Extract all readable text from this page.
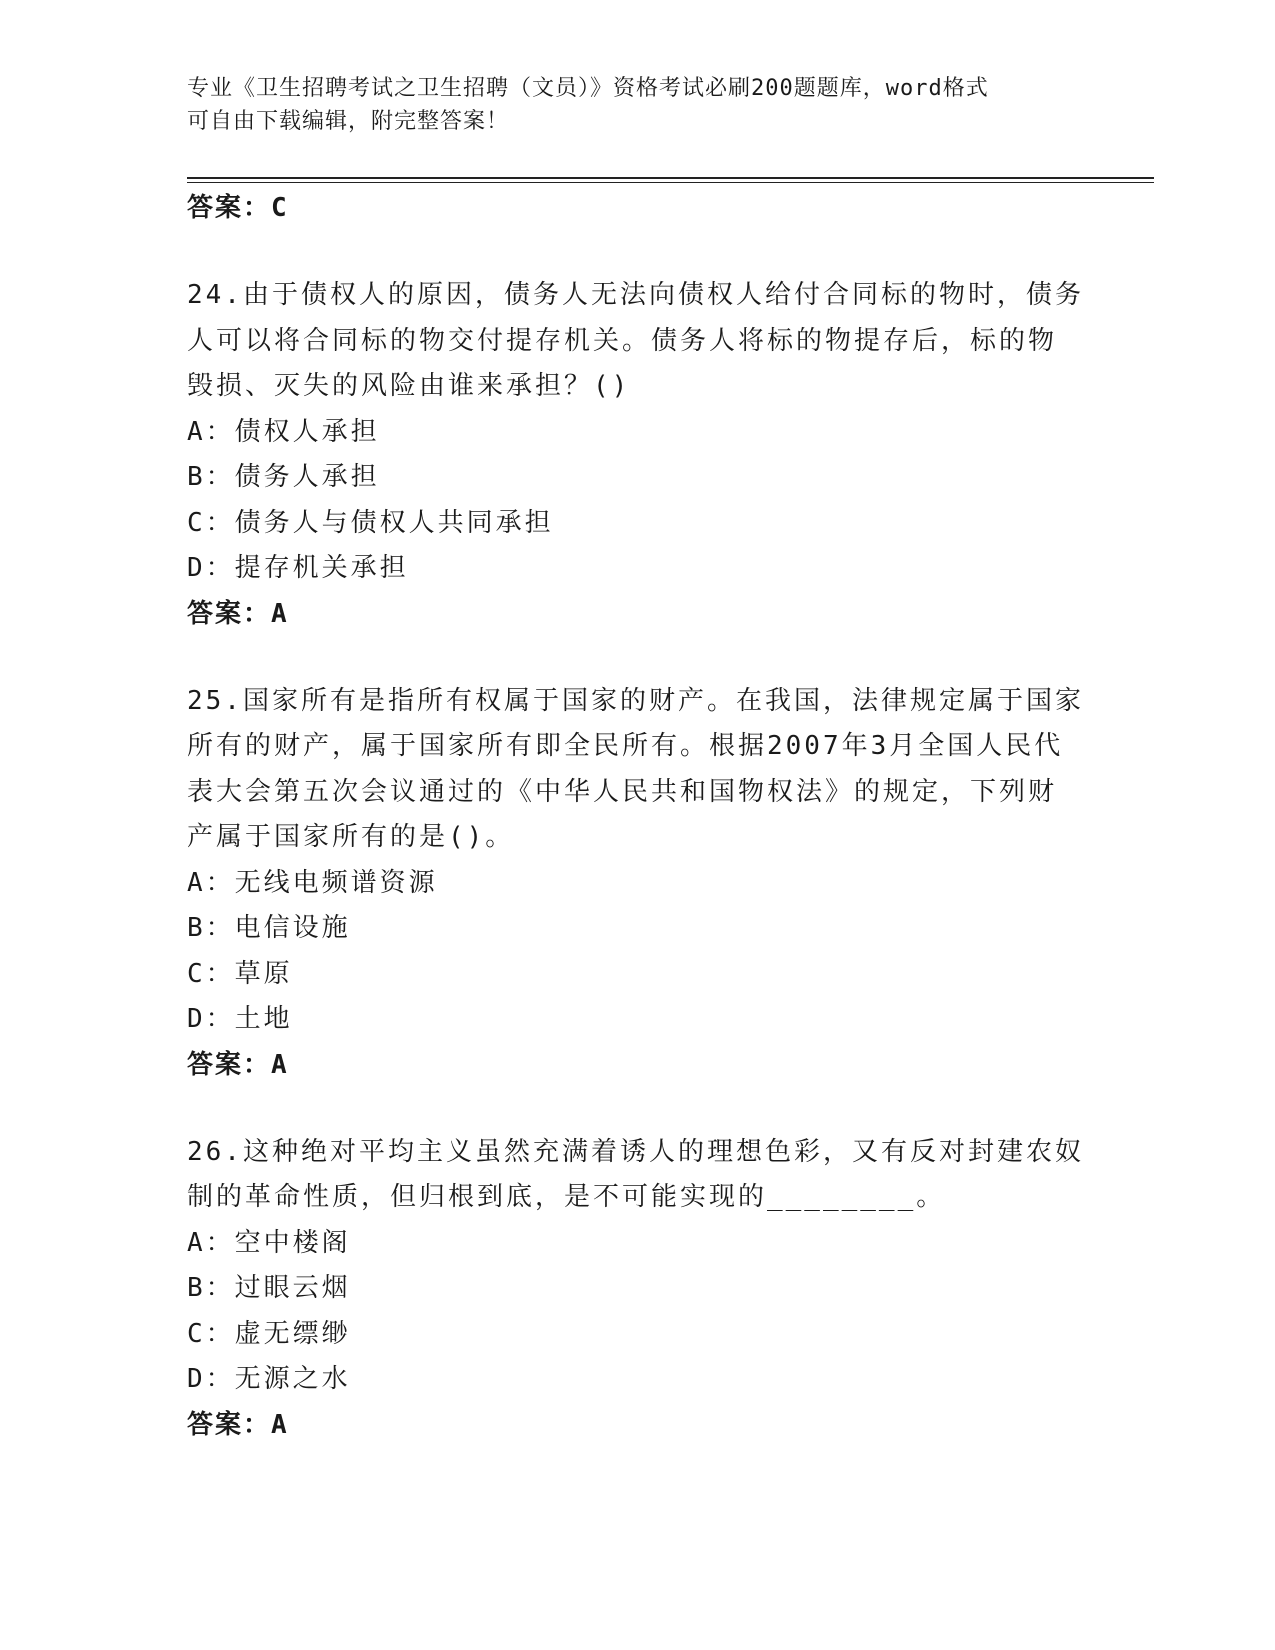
专业《卫生招聘考试之卫生招聘（文员）》资格考试必刷200题题库，word格式
可自由下载编辑，附完整答案！
答案：C
24.由于债权人的原因，债务人无法向债权人给付合同标的物时，债务
人可以将合同标的物交付提存机关。债务人将标的物提存后，标的物
毁损、灭失的风险由谁来承担？()
A：债权人承担
B：债务人承担
C：债务人与债权人共同承担
D：提存机关承担
答案：A
25.国家所有是指所有权属于国家的财产。在我国，法律规定属于国家
所有的财产，属于国家所有即全民所有。根据2007年3月全国人民代
表大会第五次会议通过的《中华人民共和国物权法》的规定，下列财
产属于国家所有的是()。
A：无线电频谱资源
B：电信设施
C：草原
D：土地
答案：A
26.这种绝对平均主义虽然充满着诱人的理想色彩，又有反对封建农奴
制的革命性质，但归根到底，是不可能实现的________。
A：空中楼阁
B：过眼云烟
C：虚无缥缈
D：无源之水
答案：A
